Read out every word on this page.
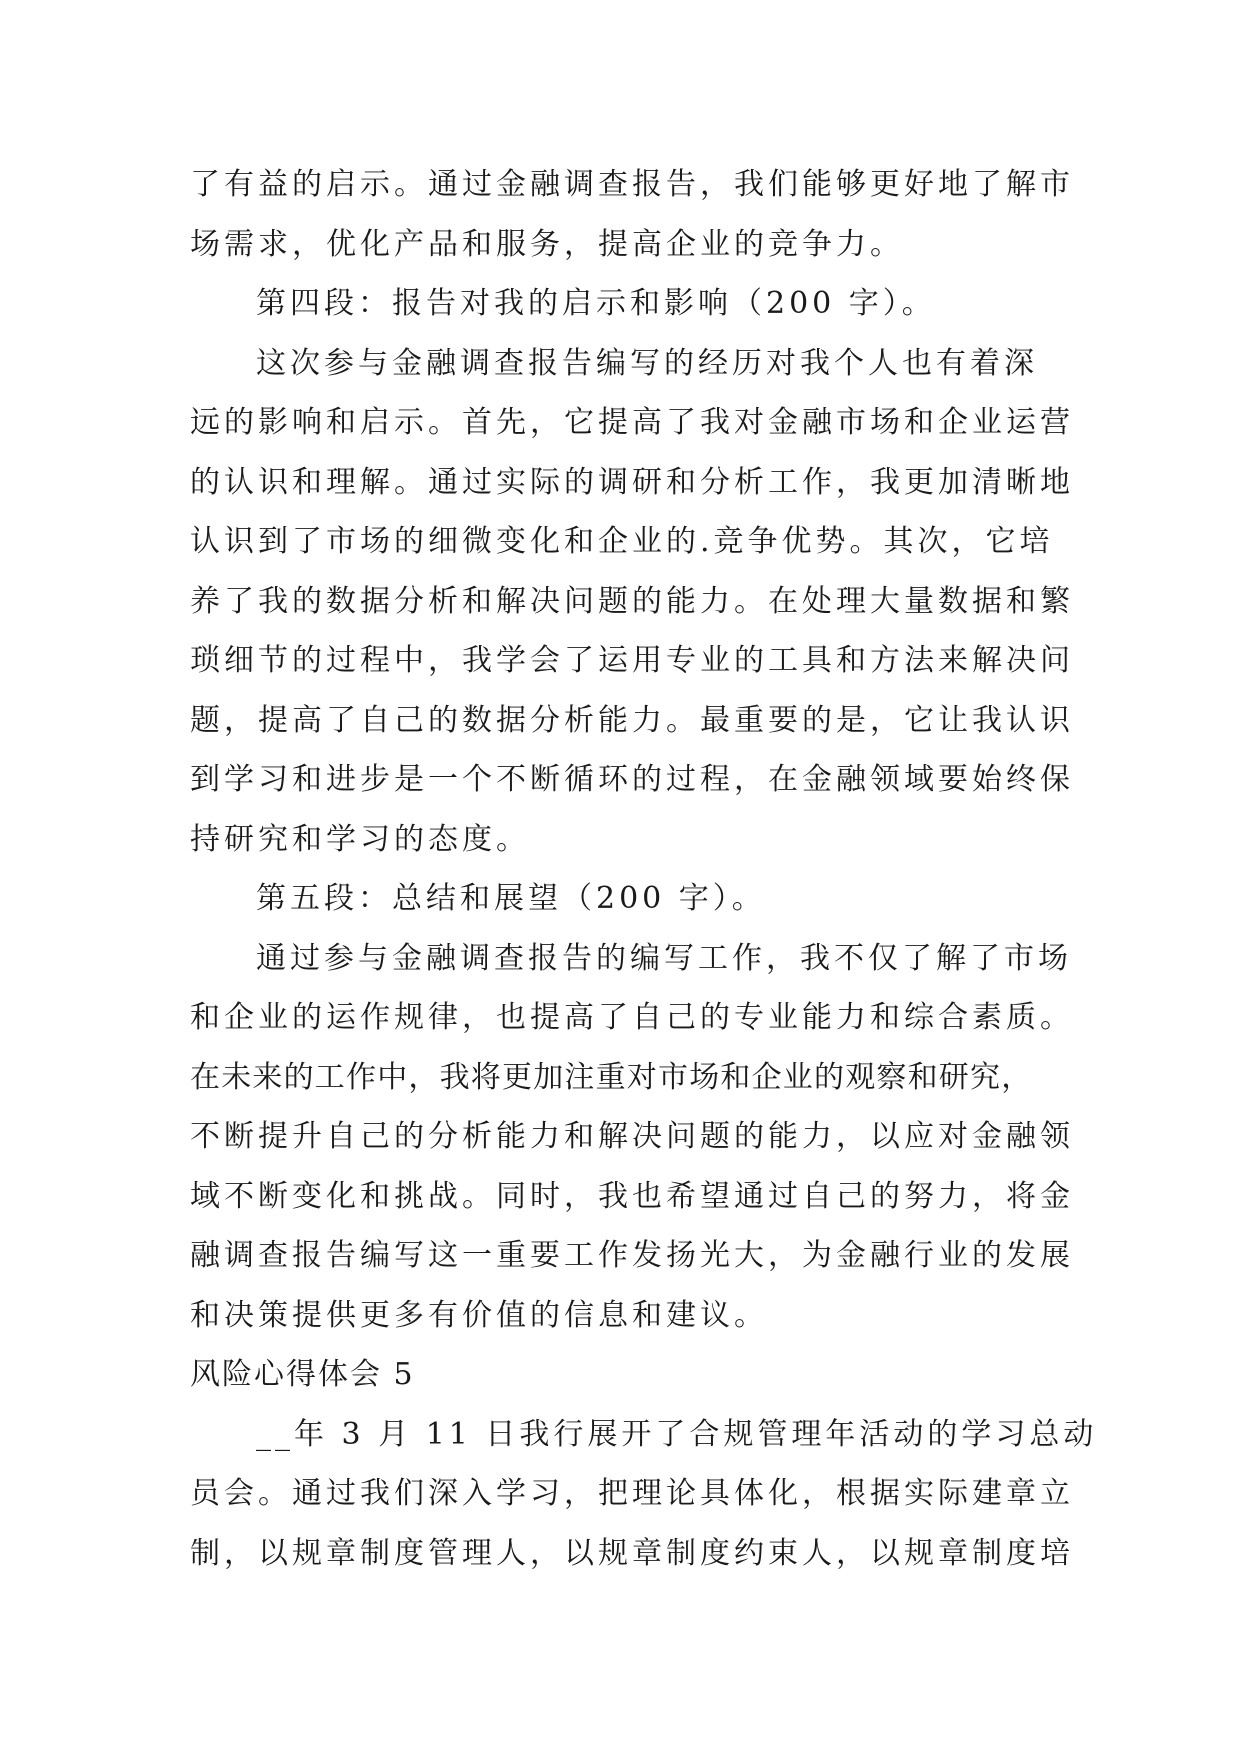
了有益的启示。通过金融调查报告，我们能够更好地了解市
场需求，优化产品和服务，提高企业的竞争力。
第四段：报告对我的启示和影响（200 字）。
这次参与金融调查报告编写的经历对我个人也有着深
远的影响和启示。首先，它提高了我对金融市场和企业运营
的认识和理解。通过实际的调研和分析工作，我更加清晰地
认识到了市场的细微变化和企业的.竞争优势。其次，它培
养了我的数据分析和解决问题的能力。在处理大量数据和繁
琐细节的过程中，我学会了运用专业的工具和方法来解决问
题，提高了自己的数据分析能力。最重要的是，它让我认识
到学习和进步是一个不断循环的过程，在金融领域要始终保
持研究和学习的态度。
第五段：总结和展望（200 字）。
通过参与金融调查报告的编写工作，我不仅了解了市场
和企业的运作规律，也提高了自己的专业能力和综合素质。
在未来的工作中，我将更加注重对市场和企业的观察和研究，
不断提升自己的分析能力和解决问题的能力，以应对金融领
域不断变化和挑战。同时，我也希望通过自己的努力，将金
融调查报告编写这一重要工作发扬光大，为金融行业的发展
和决策提供更多有价值的信息和建议。
风险心得体会 5
__年 3 月 11 日我行展开了合规管理年活动的学习总动
员会。通过我们深入学习，把理论具体化，根据实际建章立
制，以规章制度管理人，以规章制度约束人，以规章制度培
